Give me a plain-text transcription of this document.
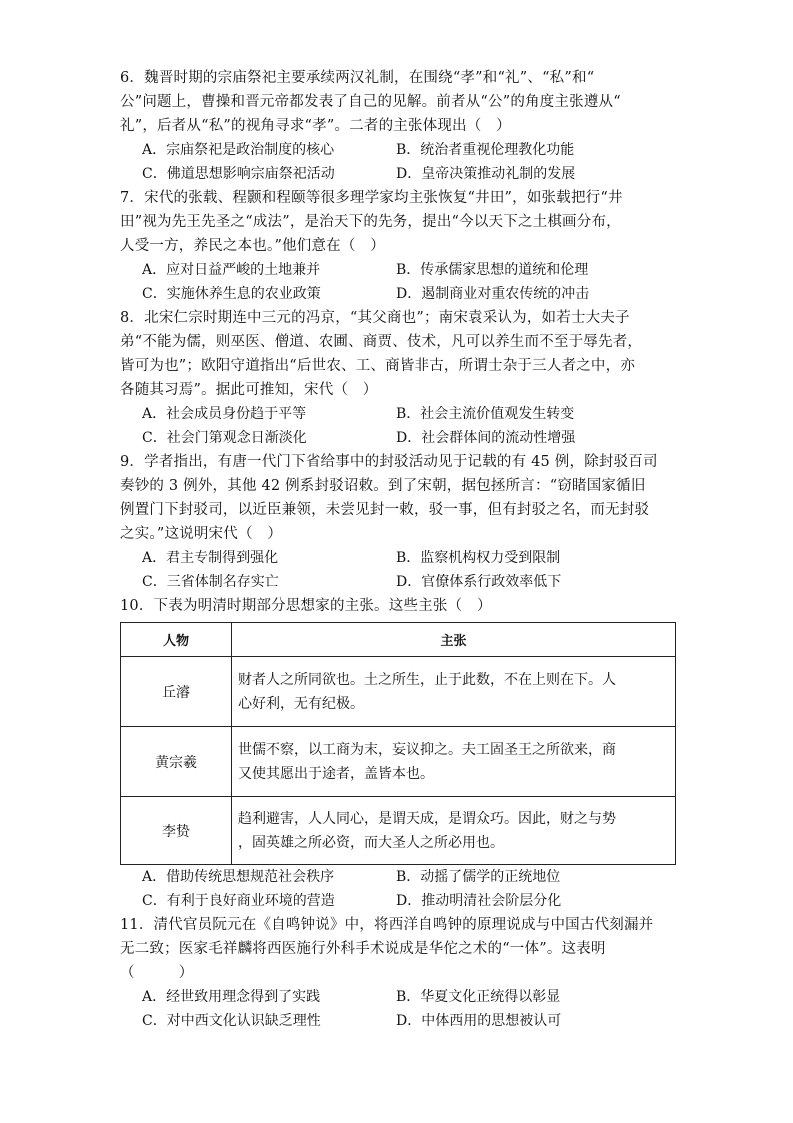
6．魏晋时期的宗庙祭祀主要承续两汉礼制，在围绕“孝”和“礼”、“私”和“

公”问题上，曹操和晋元帝都发表了自己的见解。前者从“公”的角度主张遵从“

礼”，后者从“私”的视角寻求“孝”。二者的主张体现出（　）

A．宗庙祭祀是政治制度的核心	B．统治者重视伦理教化功能
C．佛道思想影响宗庙祭祀活动	D．皇帝决策推动礼制的发展

7．宋代的张载、程颢和程颐等很多理学家均主张恢复“井田”，如张载把行“井

田”视为先王先圣之“成法”，是治天下的先务，提出“今以天下之土棋画分布，

人受一方，养民之本也。”他们意在（　）

A．应对日益严峻的土地兼并	B．传承儒家思想的道统和伦理
C．实施休养生息的农业政策	D．遏制商业对重农传统的冲击

8．北宋仁宗时期连中三元的冯京，“其父商也”；南宋袁采认为，如若士大夫子

弟“不能为儒，则巫医、僧道、农圃、商贾、伎术，凡可以养生而不至于辱先者，

皆可为也”；欧阳守道指出“后世农、工、商皆非古，所谓士杂于三人者之中，亦

各随其习焉”。据此可推知，宋代（　）

A．社会成员身份趋于平等	B．社会主流价值观发生转变
C．社会门第观念日渐淡化	D．社会群体间的流动性增强

9．学者指出，有唐一代门下省给事中的封驳活动见于记载的有 45 例，除封驳百司

奏钞的 3 例外，其他 42 例系封驳诏敕。到了宋朝，据包拯所言：“窃睹国家循旧

例置门下封驳司，以近臣兼领，未尝见封一敕，驳一事，但有封驳之名，而无封驳

之实。”这说明宋代（　）

A．君主专制得到强化	B．监察机构权力受到限制
C．三省体制名存实亡	D．官僚体系行政效率低下

10．下表为明清时期部分思想家的主张。这些主张（　）

人物	主张
丘濬	财者人之所同欲也。土之所生，止于此数，不在上则在下。人
心好利，无有纪极。

黄宗羲	世儒不察，以工商为末，妄议抑之。夫工固圣王之所欲来，商
又使其愿出于途者，盖皆本也。

李贽	趋利避害，人人同心，是谓天成，是谓众巧。因此，财之与势
，固英雄之所必资，而大圣人之所必用也。
A．借助传统思想规范社会秩序	B．动摇了儒学的正统地位
C．有利于良好商业环境的营造	D．推动明清社会阶层分化

11．清代官员阮元在《自鸣钟说》中，将西洋自鸣钟的原理说成与中国古代刻漏并

无二致；医家毛祥麟将西医施行外科手术说成是华佗之术的“一体”。这表明

（　　　）

A．经世致用理念得到了实践	B．华夏文化正统得以彰显
C．对中西文化认识缺乏理性	D．中体西用的思想被认可
